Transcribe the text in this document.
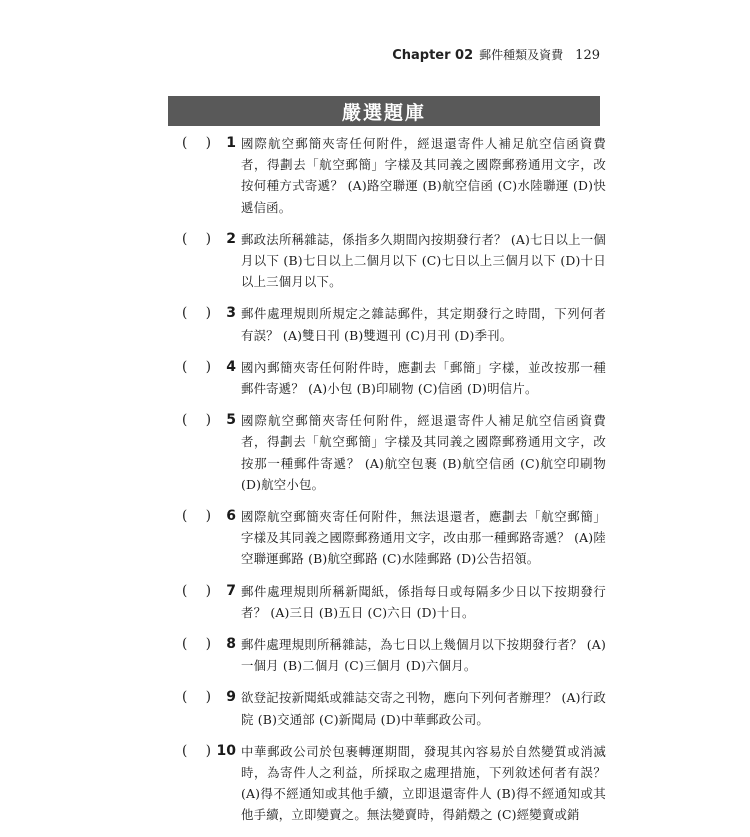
Chapter 02 郵件種類及資費 129
嚴選題庫
( )	1 國際航空郵簡夾寄任何附件，經退還寄件人補足航空信函資費者，得劃去「航空郵簡」字樣及其同義之國際郵務通用文字，改按何種方式寄遞？ (A)路空聯運 (B)航空信函 (C)水陸聯運 (D)快遞信函。
( )	2 郵政法所稱雜誌，係指多久期間內按期發行者？ (A)七日以上一個月以下 (B)七日以上二個月以下 (C)七日以上三個月以下 (D)十日以上三個月以下。
( )	3 郵件處理規則所規定之雜誌郵件，其定期發行之時間，下列何者有誤？ (A)雙日刊 (B)雙週刊 (C)月刊 (D)季刊。
( )	4 國內郵簡夾寄任何附件時，應劃去「郵簡」字樣，並改按那一種郵件寄遞？ (A)小包 (B)印刷物 (C)信函 (D)明信片。
( )	5 國際航空郵簡夾寄任何附件，經退還寄件人補足航空信函資費者，得劃去「航空郵簡」字樣及其同義之國際郵務通用文字，改按那一種郵件寄遞？ (A)航空包裹 (B)航空信函 (C)航空印刷物 (D)航空小包。
( )	6 國際航空郵簡夾寄任何附件，無法退還者，應劃去「航空郵簡」字樣及其同義之國際郵務通用文字，改由那一種郵路寄遞？ (A)陸空聯運郵路 (B)航空郵路 (C)水陸郵路 (D)公告招領。
( )	7 郵件處理規則所稱新聞紙，係指每日或每隔多少日以下按期發行者？ (A)三日 (B)五日 (C)六日 (D)十日。
( )	8 郵件處理規則所稱雜誌，為七日以上幾個月以下按期發行者？ (A)一個月 (B)二個月 (C)三個月 (D)六個月。
( )	9 欲登記按新聞紙或雜誌交寄之刊物，應向下列何者辦理？ (A)行政院 (B)交通部 (C)新聞局 (D)中華郵政公司。
( ) 10 中華郵政公司於包裹轉運期間，發現其內容易於自然變質或消滅時，為寄件人之利益，所採取之處理措施，下列敘述何者有誤？ (A)得不經通知或其他手續，立即退還寄件人 (B)得不經通知或其他手續，立即變賣之。無法變賣時，得銷燬之 (C)經變賣或銷
